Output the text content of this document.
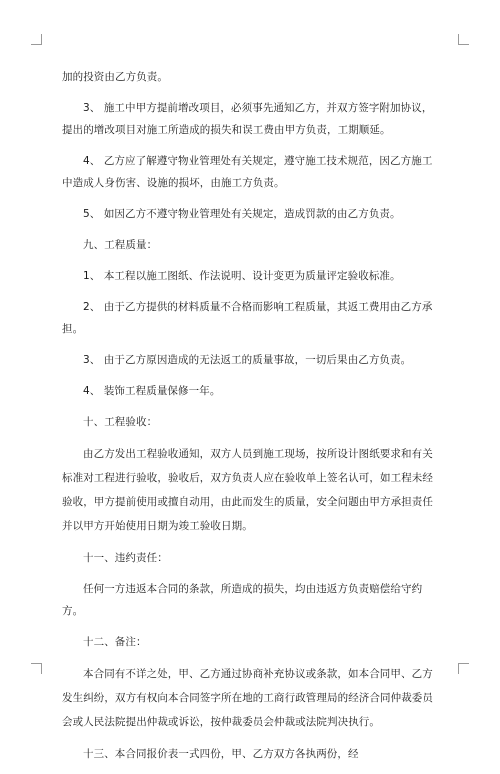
加的投资由乙方负责。

3、 施工中甲方提前增改项目，必须事先通知乙方，并双方签字附加协议，提出的增改项目对施工所造成的损失和误工费由甲方负责，工期顺延。

4、 乙方应了解遵守物业管理处有关规定，遵守施工技术规范，因乙方施工中造成人身伤害、设施的损坏，由施工方负责。

5、 如因乙方不遵守物业管理处有关规定，造成罚款的由乙方负责。

九、工程质量：

1、 本工程以施工图纸、作法说明、设计变更为质量评定验收标准。

2、 由于乙方提供的材料质量不合格而影响工程质量，其返工费用由乙方承担。

3、 由于乙方原因造成的无法返工的质量事故，一切后果由乙方负责。

4、 装饰工程质量保修一年。

十、工程验收：

由乙方发出工程验收通知，双方人员到施工现场，按所设计图纸要求和有关标准对工程进行验收，验收后，双方负责人应在验收单上签名认可，如工程未经验收，甲方提前使用或擅自动用，由此而发生的质量，安全问题由甲方承担责任并以甲方开始使用日期为竣工验收日期。

十一、违约责任：

任何一方违返本合同的条款，所造成的损失，均由违返方负责赔偿给守约方。

十二、备注：

本合同有不详之处，甲、乙方通过协商补充协议或条款，如本合同甲、乙方发生纠纷，双方有权向本合同签字所在地的工商行政管理局的经济合同仲裁委员会或人民法院提出仲裁或诉讼，按仲裁委员会仲裁或法院判决执行。

十三、本合同报价表一式四份，甲、乙方双方各执两份，经
